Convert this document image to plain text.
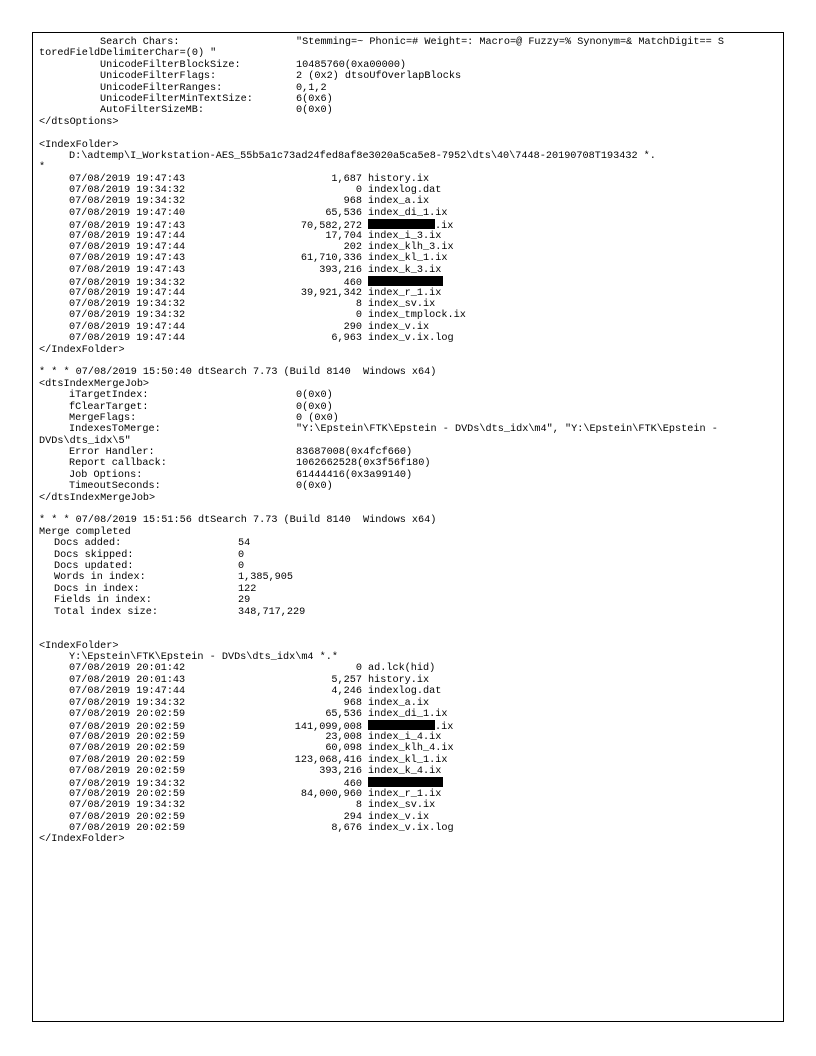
Search Chars:	"Stemming=~ Phonic=# Weight=: Macro=@ Fuzzy=% Synonym=& MatchDigit== S
toredFieldDelimiterChar=(0) "
UnicodeFilterBlockSize:	10485760(0xa00000)
UnicodeFilterFlags:	2 (0x2) dtsoUfOverlapBlocks
UnicodeFilterRanges:	0,1,2
UnicodeFilterMinTextSize:	6(0x6)
AutoFilterSizeMB:	0(0x0)
</dtsOptions>
<IndexFolder>
D:\adtemp\I_Workstation-AES_55b5a1c73ad24fed8af8e3020a5ca5e8-7952\dts\40\7448-20190708T193432 *.
*
07/08/2019 19:47:43	1,687 history.ix
07/08/2019 19:34:32	0 indexlog.dat
07/08/2019 19:34:32	968 index_a.ix
07/08/2019 19:47:40	65,536 index_di_1.ix
07/08/2019 19:47:43	70,582,272	.ix
07/08/2019 19:47:44	17,704 index_i_3.ix
07/08/2019 19:47:44	202 index_klh_3.ix
07/08/2019 19:47:43	61,710,336 index_kl_1.ix
07/08/2019 19:47:43	393,216 index_k_3.ix
07/08/2019 19:34:32	460
07/08/2019 19:47:44	39,921,342 index_r_1.ix
07/08/2019 19:34:32	8 index_sv.ix
07/08/2019 19:34:32	0 index_tmplock.ix
07/08/2019 19:47:44	290 index_v.ix
07/08/2019 19:47:44	6,963 index_v.ix.log
</IndexFolder>
* * * 07/08/2019 15:50:40 dtSearch 7.73 (Build 8140  Windows x64)
<dtsIndexMergeJob>
iTargetIndex:	0(0x0)
fClearTarget:	0(0x0)
MergeFlags:	0 (0x0)
IndexesToMerge:	"Y:\Epstein\FTK\Epstein - DVDs\dts_idx\m4", "Y:\Epstein\FTK\Epstein -
DVDs\dts_idx\5"
Error Handler:	83687008(0x4fcf660)
Report callback:	1062662528(0x3f56f180)
Job Options:	61444416(0x3a99140)
TimeoutSeconds:	0(0x0)
</dtsIndexMergeJob>
* * * 07/08/2019 15:51:56 dtSearch 7.73 (Build 8140  Windows x64)
Merge completed
Docs added:	54
Docs skipped:	0
Docs updated:	0
Words in index:	1,385,905
Docs in index:	122
Fields in index:	29
Total index size:	348,717,229
<IndexFolder>
Y:\Epstein\FTK\Epstein - DVDs\dts_idx\m4 *.*
07/08/2019 20:01:42	0 ad.lck(hid)
07/08/2019 20:01:43	5,257 history.ix
07/08/2019 19:47:44	4,246 indexlog.dat
07/08/2019 19:34:32	968 index_a.ix
07/08/2019 20:02:59	65,536 index_di_1.ix
07/08/2019 20:02:59	141,099,008	.ix
07/08/2019 20:02:59	23,008 index_i_4.ix
07/08/2019 20:02:59	60,098 index_klh_4.ix
07/08/2019 20:02:59	123,068,416 index_kl_1.ix
07/08/2019 20:02:59	393,216 index_k_4.ix
07/08/2019 19:34:32	460
07/08/2019 20:02:59	84,000,960 index_r_1.ix
07/08/2019 19:34:32	8 index_sv.ix
07/08/2019 20:02:59	294 index_v.ix
07/08/2019 20:02:59	8,676 index_v.ix.log
</IndexFolder>
